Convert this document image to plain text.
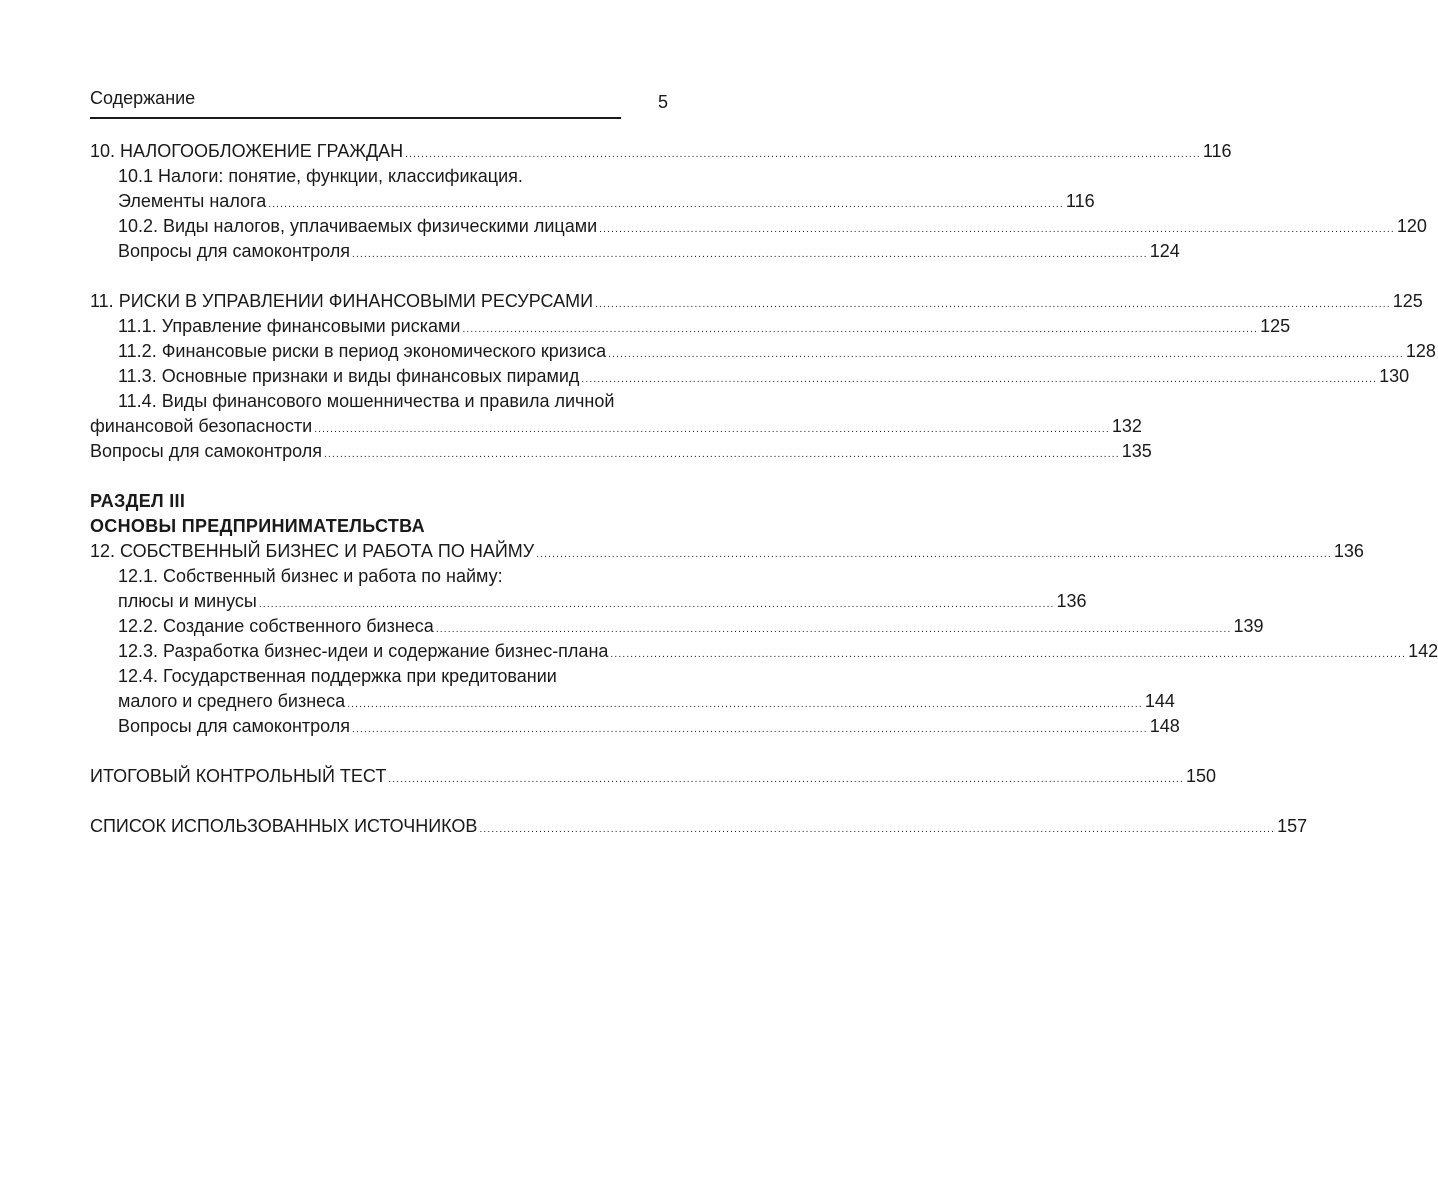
Содержание	5
10. НАЛОГООБЛОЖЕНИЕ ГРАЖДАН ........................................................................................................................................................................................................ 116
10.1 Налоги: понятие, функции, классификация.
Элементы налога ........................................................................................................................................................................................................ 116
10.2. Виды налогов, уплачиваемых физическими лицами ........................................................................................................................................................................................................ 120
Вопросы для самоконтроля ........................................................................................................................................................................................................ 124
11. РИСКИ В УПРАВЛЕНИИ ФИНАНСОВЫМИ РЕСУРСАМИ ........................................................................................................................................................................................................ 125
11.1. Управление финансовыми рисками ........................................................................................................................................................................................................ 125
11.2. Финансовые риски в период экономического кризиса ........................................................................................................................................................................................................ 128
11.3. Основные признаки и виды финансовых пирамид ........................................................................................................................................................................................................ 130
11.4. Виды финансового мошенничества и правила личной
финансовой безопасности ........................................................................................................................................................................................................ 132
Вопросы для самоконтроля ........................................................................................................................................................................................................ 135
РАЗДЕЛ III
ОСНОВЫ ПРЕДПРИНИМАТЕЛЬСТВА
12. СОБСТВЕННЫЙ БИЗНЕС И РАБОТА ПО НАЙМУ ........................................................................................................................................................................................................ 136
12.1. Собственный бизнес и работа по найму:
плюсы и минусы ........................................................................................................................................................................................................ 136
12.2. Создание собственного бизнеса ........................................................................................................................................................................................................ 139
12.3. Разработка бизнес-идеи и содержание бизнес-плана ........................................................................................................................................................................................................ 142
12.4. Государственная поддержка при кредитовании
малого и среднего бизнеса ........................................................................................................................................................................................................ 144
Вопросы для самоконтроля ........................................................................................................................................................................................................ 148
ИТОГОВЫЙ КОНТРОЛЬНЫЙ ТЕСТ ........................................................................................................................................................................................................ 150
СПИСОК ИСПОЛЬЗОВАННЫХ ИСТОЧНИКОВ ........................................................................................................................................................................................................ 157
